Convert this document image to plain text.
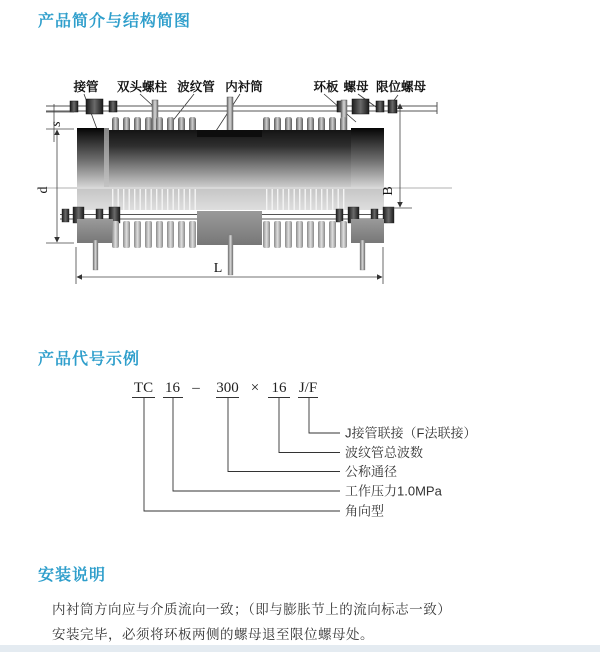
产品简介与结构简图
接管 双头螺柱 波纹管 内衬筒	环板 螺母 限位螺母
s
d	B
L
产品代号示例
TC 16 – 300 × 16 J/F
J接管联接（F法联接）
波纹管总波数
公称通径
工作压力1.0MPa
角向型
安装说明
内衬筒方向应与介质流向一致；（即与膨胀节上的流向标志一致）
安装完毕，必须将环板两侧的螺母退至限位螺母处。
